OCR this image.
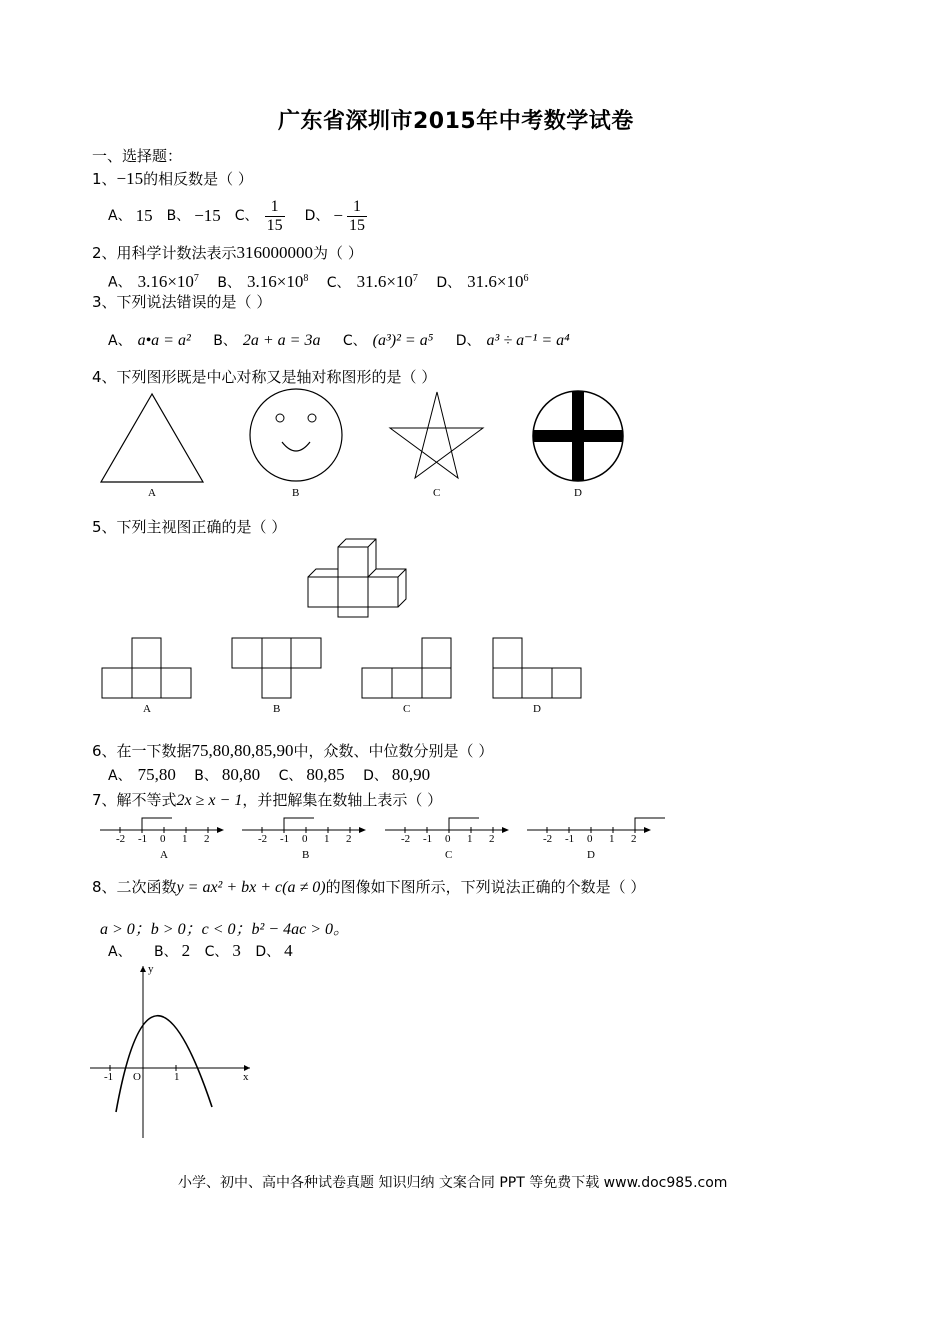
广东省深圳市2015年中考数学试卷
一、选择题：
1、−15的相反数是（ ）
A、 15 B、 −15 C、 $\frac{1}{15}$ D、 − $\frac{1}{15}$
2、用科学计数法表示316000000为（ ）
A、 $3.16\times 10^7$ B、 $3.16\times 10^8$ C、 $31.6\times 10^7$ D、 $31.6\times 10^6$
3、下列说法错误的是（ ）
A、 a•a = a² B、 2a + a = 3a C、 (a³)² = a⁵ D、 a³ ÷ a⁻¹ = a⁴
4、下列图形既是中心对称又是轴对称图形的是（ ）
A	B	C	D
5、下列主视图正确的是（ ）
A	B	C	D
6、在一下数据75,80,80,85,90中，众数、中位数分别是（ ）
A、 75,80 B、 80,80 C、 80,85 D、 80,90
7、解不等式2x ≥ x − 1，并把解集在数轴上表示（ ）
-2 -1 0 1 2
A
-2 -1 0 1 2
B
-2 -1 0 1 2
C
-2 -1 0 1 2
D
8、二次函数y = ax² + bx + c(a ≠ 0)的图像如下图所示，下列说法正确的个数是（ ）
a > 0；b > 0；c < 0；b² − 4ac > 0。
A、 B、 2 C、 3 D、 4
y
x
O
-1	1
小学、初中、高中各种试卷真题 知识归纳 文案合同 PPT 等免费下载 www.doc985.com
